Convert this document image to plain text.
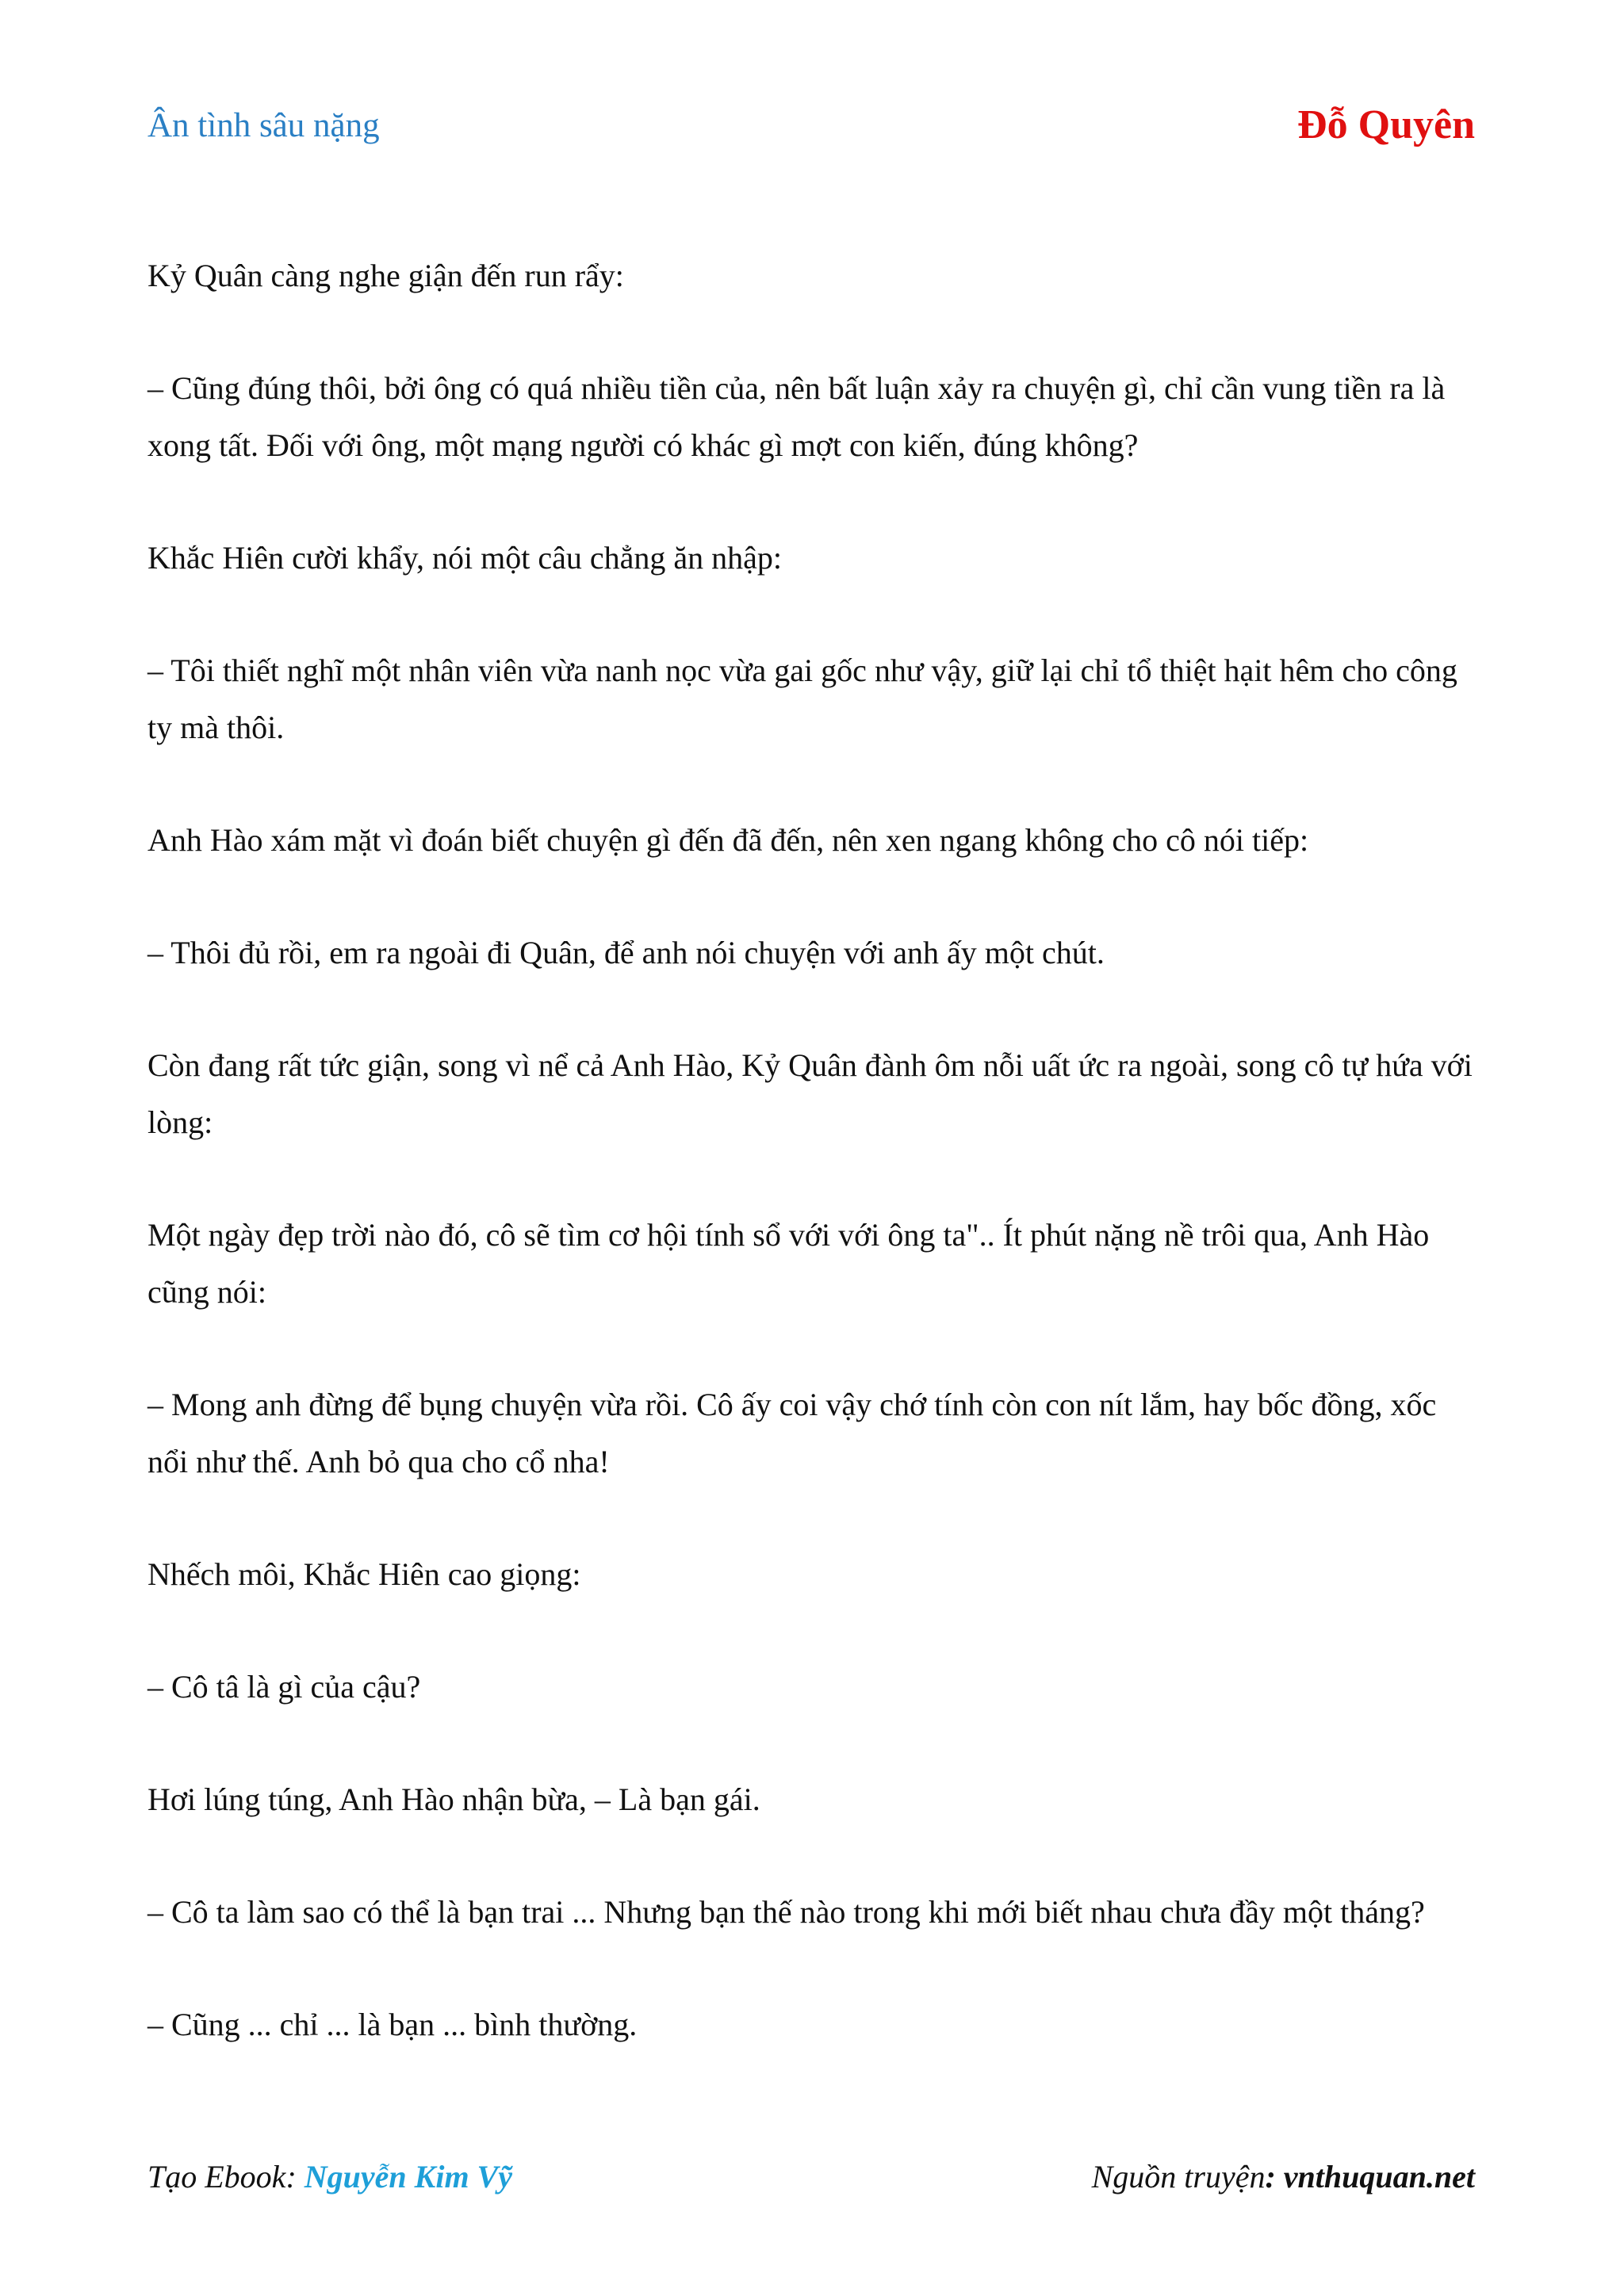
Ân tình sâu nặng	Đỗ Quyên

Kỷ Quân càng nghe giận đến run rẩy:

– Cũng đúng thôi, bởi ông có quá nhiều tiền của, nên bất luận xảy ra chuyện gì, chỉ cần vung tiền ra là xong tất. Đối với ông, một mạng người có khác gì mợt con kiến, đúng không?

Khắc Hiên cười khẩy, nói một câu chẳng ăn nhập:

– Tôi thiết nghĩ một nhân viên vừa nanh nọc vừa gai gốc như vậy, giữ lại chỉ tổ thiệt hạit hêm cho công ty mà thôi.

Anh Hào xám mặt vì đoán biết chuyện gì đến đã đến, nên xen ngang không cho cô nói tiếp:

– Thôi đủ rồi, em ra ngoài đi Quân, để anh nói chuyện với anh ấy một chút.

Còn đang rất tức giận, song vì nể cả Anh Hào, Kỷ Quân đành ôm nỗi uất ức ra ngoài, song cô tự hứa với lòng:

Một ngày đẹp trời nào đó, cô sẽ tìm cơ hội tính sổ với với ông ta".. Ít phút nặng nề trôi qua, Anh Hào cũng nói:

– Mong anh đừng để bụng chuyện vừa rồi. Cô ấy coi vậy chớ tính còn con nít lắm, hay bốc đồng, xốc nổi như thế. Anh bỏ qua cho cổ nha!

Nhếch môi, Khắc Hiên cao giọng:

– Cô tâ là gì của cậu?

Hơi lúng túng, Anh Hào nhận bừa, – Là bạn gái.

– Cô ta làm sao có thể là bạn trai ... Nhưng bạn thế nào trong khi mới biết nhau chưa đầy một tháng?

– Cũng ... chỉ ... là bạn ... bình thường.

Tạo Ebook: Nguyễn Kim Vỹ	Nguồn truyện: vnthuquan.net
